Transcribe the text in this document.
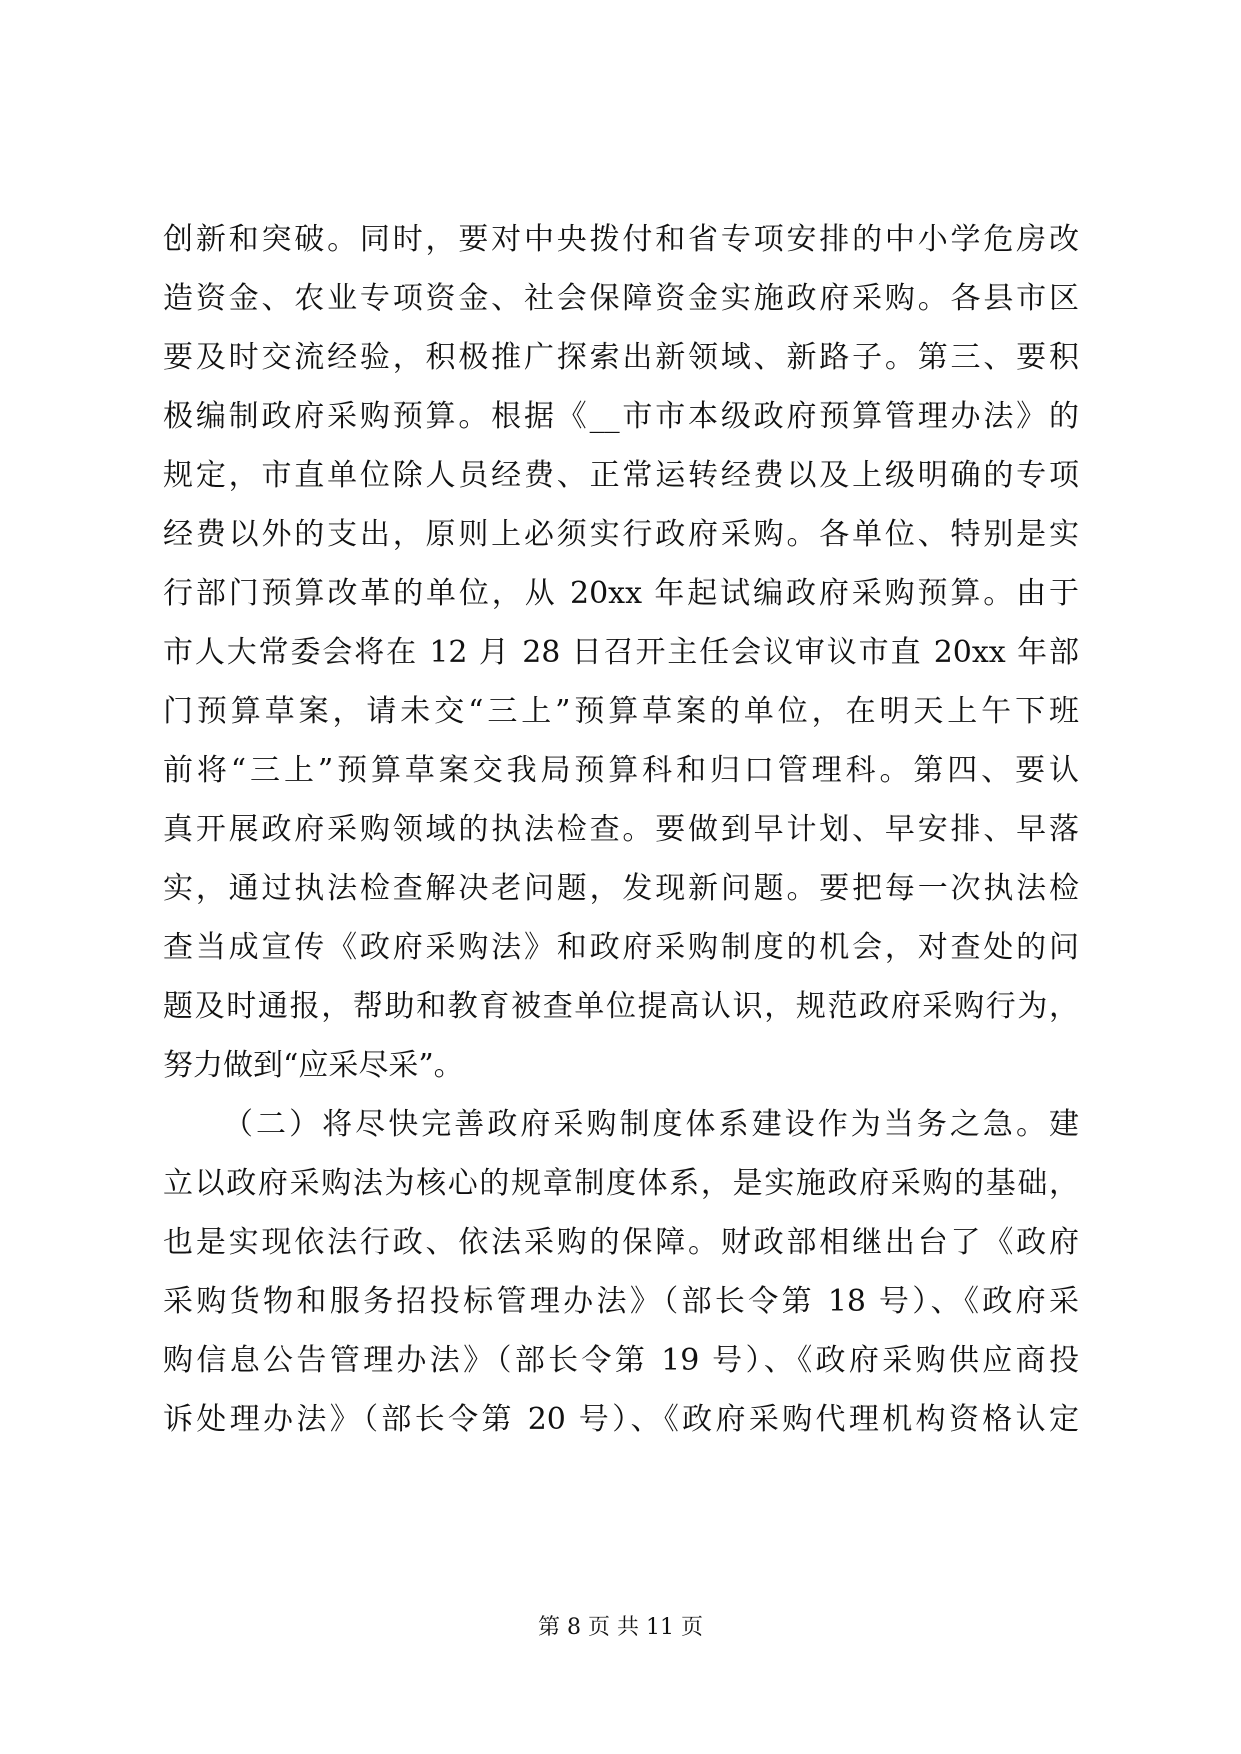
创新和突破。同时，要对中央拨付和省专项安排的中小学危房改
造资金、农业专项资金、社会保障资金实施政府采购。各县市区
要及时交流经验，积极推广探索出新领域、新路子。第三、要积
极编制政府采购预算。根据《__市市本级政府预算管理办法》的
规定，市直单位除人员经费、正常运转经费以及上级明确的专项
经费以外的支出，原则上必须实行政府采购。各单位、特别是实
行部门预算改革的单位，从 20xx 年起试编政府采购预算。由于
市人大常委会将在 12 月 28 日召开主任会议审议市直 20xx 年部
门预算草案，请未交“三上”预算草案的单位，在明天上午下班
前将“三上”预算草案交我局预算科和归口管理科。第四、要认
真开展政府采购领域的执法检查。要做到早计划、早安排、早落
实，通过执法检查解决老问题，发现新问题。要把每一次执法检
查当成宣传《政府采购法》和政府采购制度的机会，对查处的问
题及时通报，帮助和教育被查单位提高认识，规范政府采购行为，
努力做到“应采尽采”。
（二）将尽快完善政府采购制度体系建设作为当务之急。建
立以政府采购法为核心的规章制度体系，是实施政府采购的基础，
也是实现依法行政、依法采购的保障。财政部相继出台了《政府
采购货物和服务招投标管理办法》（部长令第 18 号）、《政府采
购信息公告管理办法》（部长令第 19 号）、《政府采购供应商投
诉处理办法》（部长令第 20 号）、《政府采购代理机构资格认定
第 8 页 共 11 页
